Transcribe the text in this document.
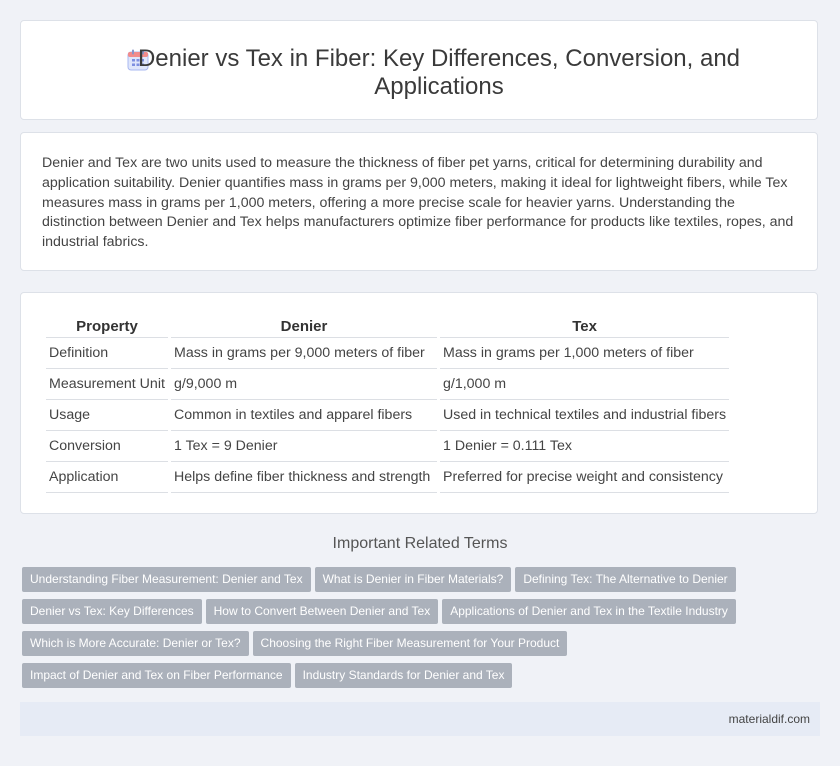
Denier vs Tex in Fiber: Key Differences, Conversion, and Applications

Denier and Tex are two units used to measure the thickness of fiber pet yarns, critical for determining durability and application suitability. Denier quantifies mass in grams per 9,000 meters, making it ideal for lightweight fibers, while Tex measures mass in grams per 1,000 meters, offering a more precise scale for heavier yarns. Understanding the distinction between Denier and Tex helps manufacturers optimize fiber performance for products like textiles, ropes, and industrial fabrics.

Property	Denier	Tex
Definition	Mass in grams per 9,000 meters of fiber	Mass in grams per 1,000 meters of fiber
Measurement Unit	g/9,000 m	g/1,000 m
Usage	Common in textiles and apparel fibers	Used in technical textiles and industrial fibers
Conversion	1 Tex = 9 Denier	1 Denier = 0.111 Tex
Application	Helps define fiber thickness and strength	Preferred for precise weight and consistency
Important Related Terms
Understanding Fiber Measurement: Denier and Tex What is Denier in Fiber Materials? Defining Tex: The Alternative to Denier
Denier vs Tex: Key Differences How to Convert Between Denier and Tex Applications of Denier and Tex in the Textile Industry
Which is More Accurate: Denier or Tex? Choosing the Right Fiber Measurement for Your Product
Impact of Denier and Tex on Fiber Performance Industry Standards for Denier and Tex
materialdif.com
